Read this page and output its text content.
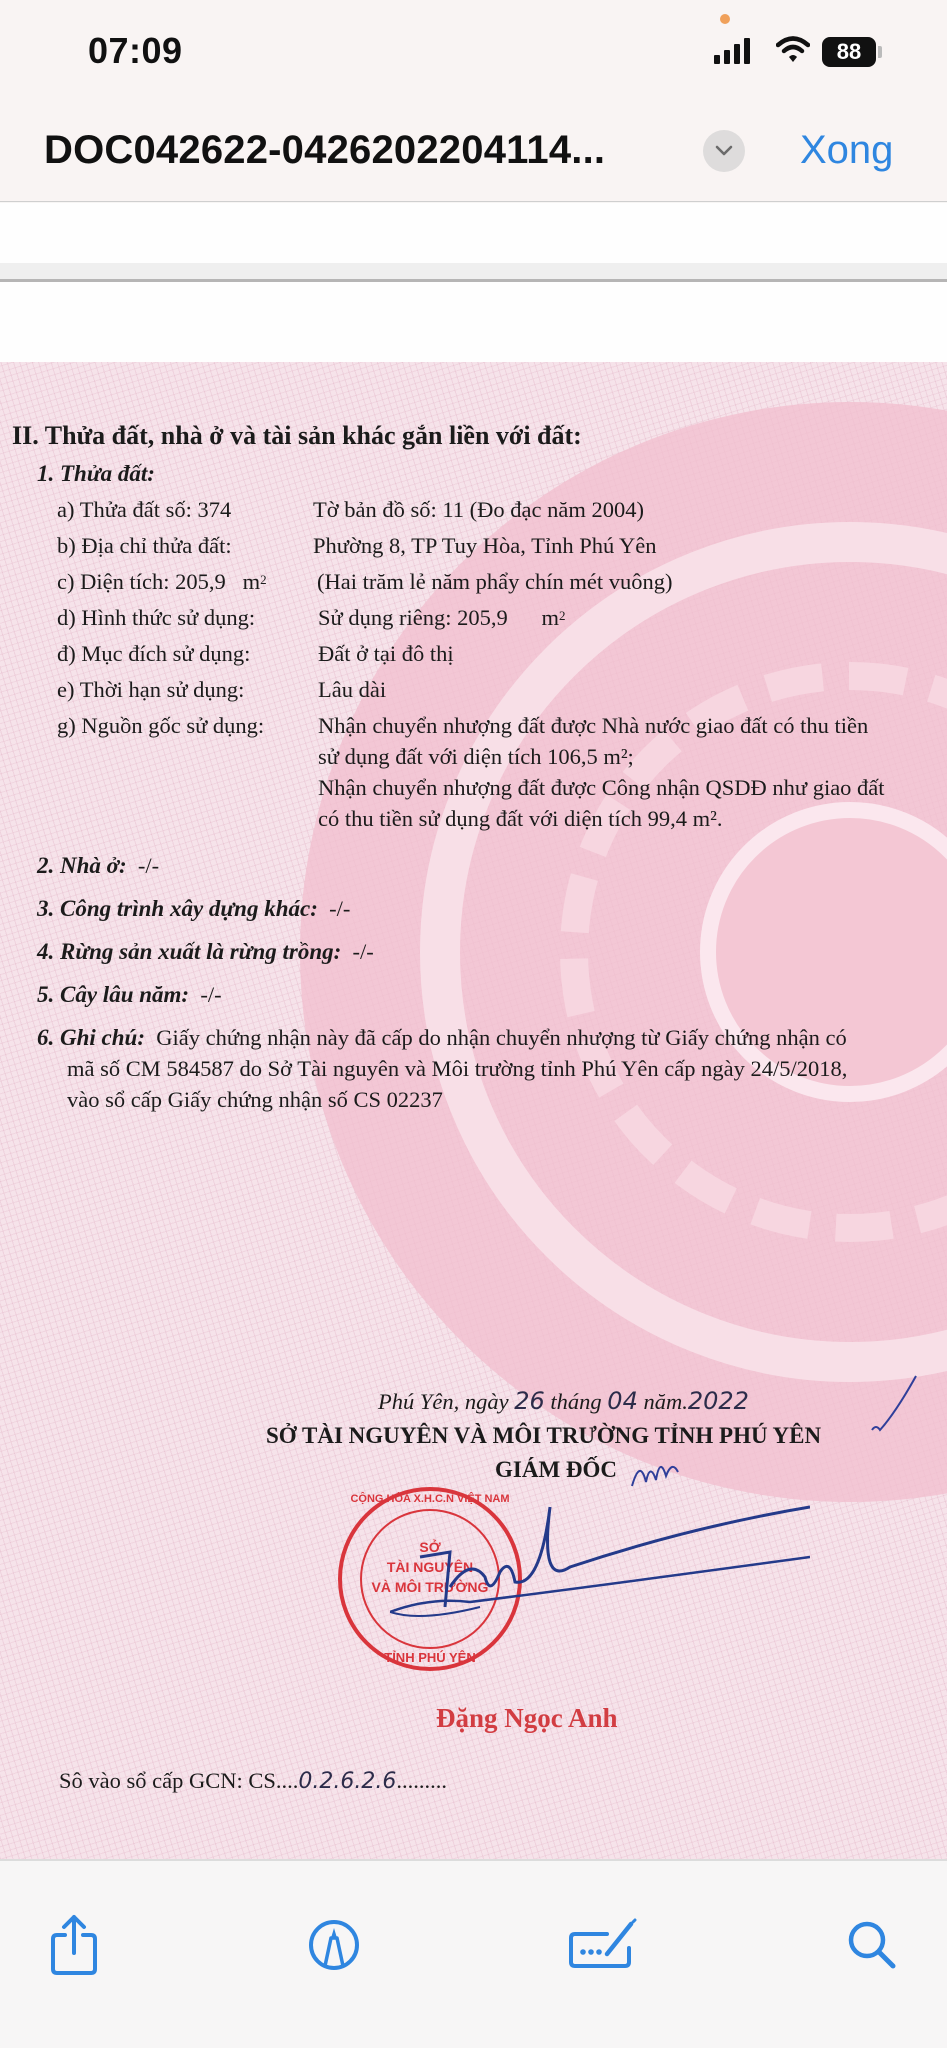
07:09	88
DOC042622-0426202204114...	Xong
II. Thửa đất, nhà ở và tài sản khác gắn liền với đất:
1. Thửa đất:
a) Thửa đất số: 374	Tờ bản đồ số: 11 (Đo đạc năm 2004)
b) Địa chỉ thửa đất:	Phường 8, TP Tuy Hòa, Tỉnh Phú Yên
c) Diện tích: 205,9 $m^2$ (Hai trăm lẻ năm phẩy chín mét vuông)
d) Hình thức sử dụng:	Sử dụng riêng: 205,9 $m^2$
đ) Mục đích sử dụng:	Đất ở tại đô thị
e) Thời hạn sử dụng:	Lâu dài
g) Nguồn gốc sử dụng: Nhận chuyển nhượng đất được Nhà nước giao đất có thu tiền
sử dụng đất với diện tích 106,5 m²;
Nhận chuyển nhượng đất được Công nhận QSDĐ như giao đất
có thu tiền sử dụng đất với diện tích 99,4 m².
2. Nhà ở: -/-
3. Công trình xây dựng khác: -/-
4. Rừng sản xuất là rừng trồng: -/-
5. Cây lâu năm: -/-
6. Ghi chú: Giấy chứng nhận này đã cấp do nhận chuyển nhượng từ Giấy chứng nhận có
mã số CM 584587 do Sở Tài nguyên và Môi trường tỉnh Phú Yên cấp ngày 24/5/2018,
vào sổ cấp Giấy chứng nhận số CS 02237
Phú Yên, ngày 26 tháng 04 năm.2022
SỞ TÀI NGUYÊN VÀ MÔI TRƯỜNG TỈNH PHÚ YÊN
GIÁM ĐỐC
CỘNG HÒA X.H.C.N VIỆT NAM
SỞ
TÀI NGUYÊN
VÀ MÔI TRƯỜNG
TỈNH PHÚ YÊN
Đặng Ngọc Anh
Sô vào sổ cấp GCN: CS....0.2.6.2.6.........
